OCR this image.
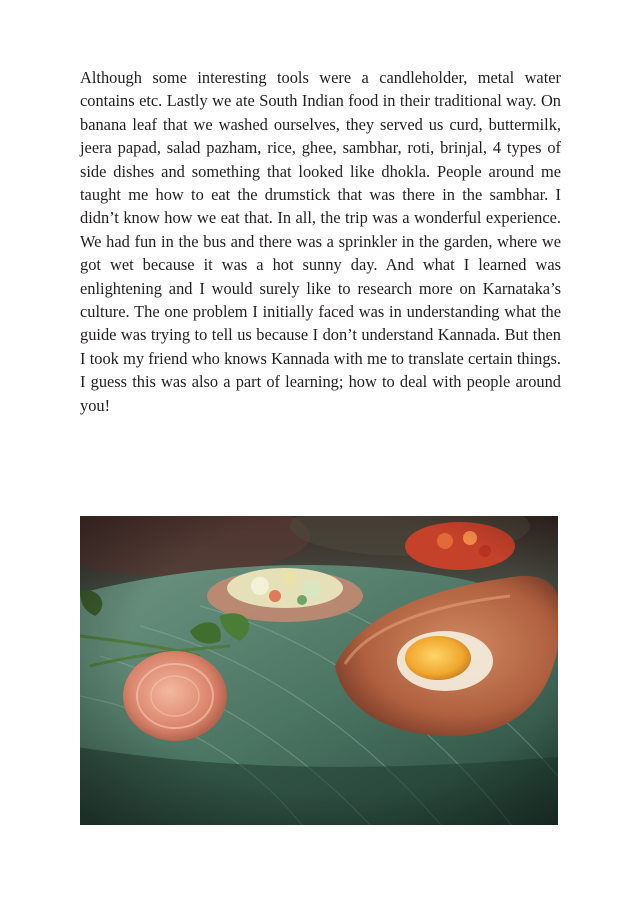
Although some interesting tools were a candleholder, metal water contains etc. Lastly we ate South Indian food in their traditional way. On banana leaf that we washed ourselves, they served us curd, buttermilk, jeera papad, salad pazham, rice, ghee, sambhar, roti, brinjal, 4 types of side dishes and something that looked like dhokla. People around me taught me how to eat the drumstick that was there in the sambhar. I didn’t know how we eat that. In all, the trip was a wonderful experience. We had fun in the bus and there was a sprinkler in the garden, where we got wet because it was a hot sunny day. And what I learned was enlightening and I would surely like to research more on Karnataka’s culture. The one problem I initially faced was in understanding what the guide was trying to tell us because I don’t understand Kannada. But then I took my friend who knows Kannada with me to translate certain things. I guess this was also a part of learning; how to deal with people around you!
